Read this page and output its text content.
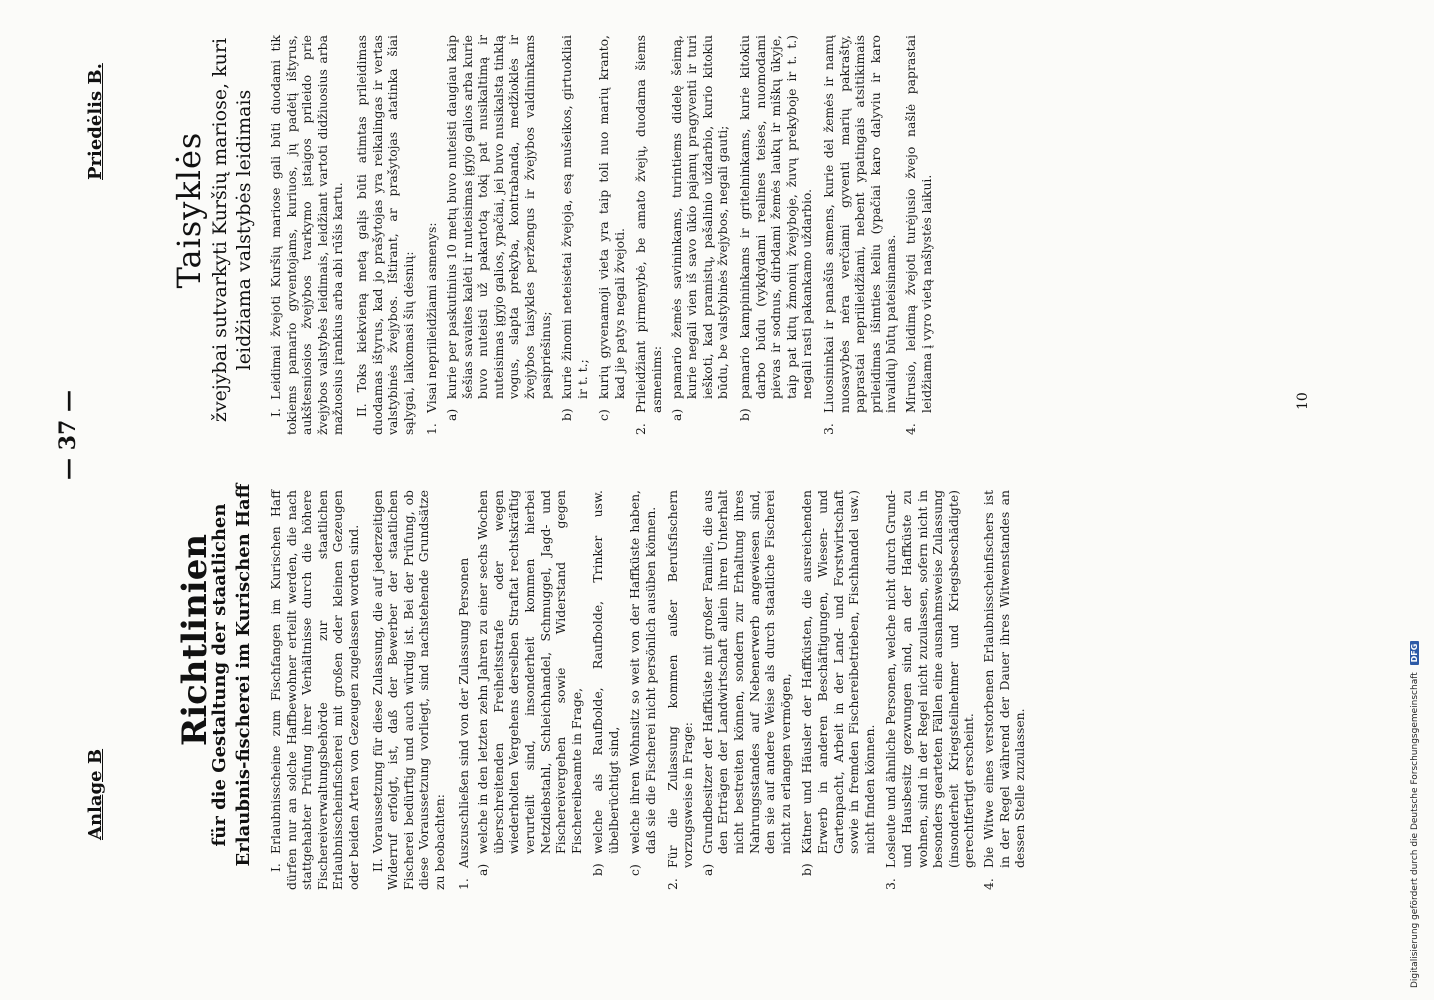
Anlage B
— 37 —
Priedėlis B.
Richtlinien
für die Gestaltung der staatlichen Erlaubnis-fischerei im Kurischen Haff
Taisyklės žvejybai sutvarkyti Kuršių mariose, kuri leidžiama valstybės leidimais

I. Erlaubnisscheine zum Fischfangen im Kurischen Haff dürfen nur an solche Haffbewohner erteilt werden, die nach stattgehabter Prüfung ihrer Verhältnisse durch die höhere Fischereiverwaltungsbehörde zur staatlichen Erlaubnisscheinfischerei mit großen oder kleinen Gezeugen oder beiden Arten von Gezeugen zugelassen worden sind. II. Voraussetzung für diese Zulassung, die auf jederzeitigen Widerruf erfolgt, ist, daß der Bewerber der staatlichen Fischerei bedürftig und auch würdig ist. Bei der Prüfung, ob diese Voraussetzung vorliegt, sind nachstehende Grundsätze zu beobachten: 1.
Auszuschließen sind von der Zulassung Personen
a)
welche in den letzten zehn Jahren zu einer sechs Wochen überschreitenden Freiheitsstrafe oder wegen wiederholten Vergehens derselben Straftat rechtskräftig verurteilt sind, insonderheit kommen hierbei Netzdiebstahl, Schleichhandel, Schmuggel, Jagd- und Fischereivergehen sowie Widerstand gegen Fischereibeamte in Frage,
b)
welche als Raufbolde, Raufbolde, Trinker usw. übelberüchtigt sind,
c)
welche ihren Wohnsitz so weit von der Haffküste haben, daß sie die Fischerei nicht persönlich ausüben können.
2.
Für die Zulassung kommen außer Berufsfischern vorzugsweise in Frage:
a)
Grundbesitzer der Haffküste mit großer Familie, die aus den Erträgen der Landwirtschaft allein ihren Unterhalt nicht bestreiten können, sondern zur Erhaltung ihres Nahrungsstandes auf Nebenerwerb angewiesen sind, den sie auf andere Weise als durch staatliche Fischerei nicht zu erlangen vermögen,
b)
Kätner und Häusler der Haffküsten, die ausreichenden Erwerb in anderen Beschäftigungen, Wiesen- und Gartenpacht, Arbeit in der Land- und Forstwirtschaft sowie in fremden Fischereibetrieben, Fischhandel usw.) nicht finden können.
3.
Losleute und ähnliche Personen, welche nicht durch Grund- und Hausbesitz gezwungen sind, an der Haffküste zu wohnen, sind in der Regel nicht zuzulassen, sofern nicht in besonders gearteten Fällen eine ausnahmsweise Zulassung (insonderheit Kriegsteilnehmer und Kriegsbeschädigte) gerechtfertigt erscheint.
4.
Die Witwe eines verstorbenen Erlaubnisscheinfischers ist in der Regel während der Dauer ihres Witwenstandes an dessen Stelle zuzulassen.

I. Leidimai žvejoti Kuršių mariose gali būti duodami tik tokiems pamario gyventojams, kuriuos, jų padėtį ištyrus, aukštesniosios žvejybos tvarkymo įstaigos prileido prie žvejybos valstybės leidimais, leidžiant vartoti didžiuosius arba mažuosius įrankius arba abi rūšis kartu. II. Toks kiekvieną metą galįs būti atimtas prileidimas duodamas ištyrus, kad jo prašytojas yra reikalingas ir vertas valstybinės žvejybos. Ištirant, ar prašytojas atatinka šiai sąlygai, laikomasi šių dėsnių: 1.
Visai nepriileidžiami asmenys:
a)
kurie per paskutinius 10 metų buvo nuteisti daugiau kaip šešias savaites kalėti ir nuteisimas įgyjo galios arba kurie buvo nuteisti už pakartotą tokį pat nusikaltimą ir nuteisimas įgyjo galios, ypačiai, jei buvo nusikalsta tinklą vogus, slapta prekyba, kontrabanda, medžioklės ir žvejybos taisykles peržengus ir žvejybos valdininkams pasipriešinus;
b)
kurie žinomi neteisėtai žvejoja, esą mušeikos, girtuokliai ir t. t.;
c)
kurių gyvenamoji vieta yra taip toli nuo marių kranto, kad jie patys negali žvejoti.
2.
Prileidžiant pirmenybė, be amato žvejų, duodama šiems asmenims:
a)
pamario žemės savininkams, turintiems didelę šeimą, kurie negali vien iš savo ūkio pajamų pragyventi ir turi ieškoti, kad pramistų, pašalinio uždarbio, kurio kitokiu būdu, be valstybinės žvejybos, negali gauti;
b)
pamario kampininkams ir gritelninkams, kurie kitokiu darbo būdu (vykdydami realines teises, nuomodami pievas ir sodnus, dirbdami žemės laukų ir miškų ūkyje, taip pat kitų žmonių žvejyboje, žuvų prekyboje ir t. t.) negali rasti pakankamo uždarbio.
3.
Liuosininkai ir panašūs asmens, kurie dėl žemės ir namų nuosavybės nėra verčiami gyventi marių pakrašty, paprastai nepriileidžiami, nebent ypatingais atsitikimais prileidimas išimties keliu (ypačiai karo dalyviu ir karo invalidų) būtų pateisinamas.
4.
Mirusio, leidimą žvejoti turėjusio žvejo našlė paprastai leidžiama į vyro vietą našlystės laikui.	10
Digitalisierung gefördert durch die Deutsche Forschungsgemeinschaft DFG
